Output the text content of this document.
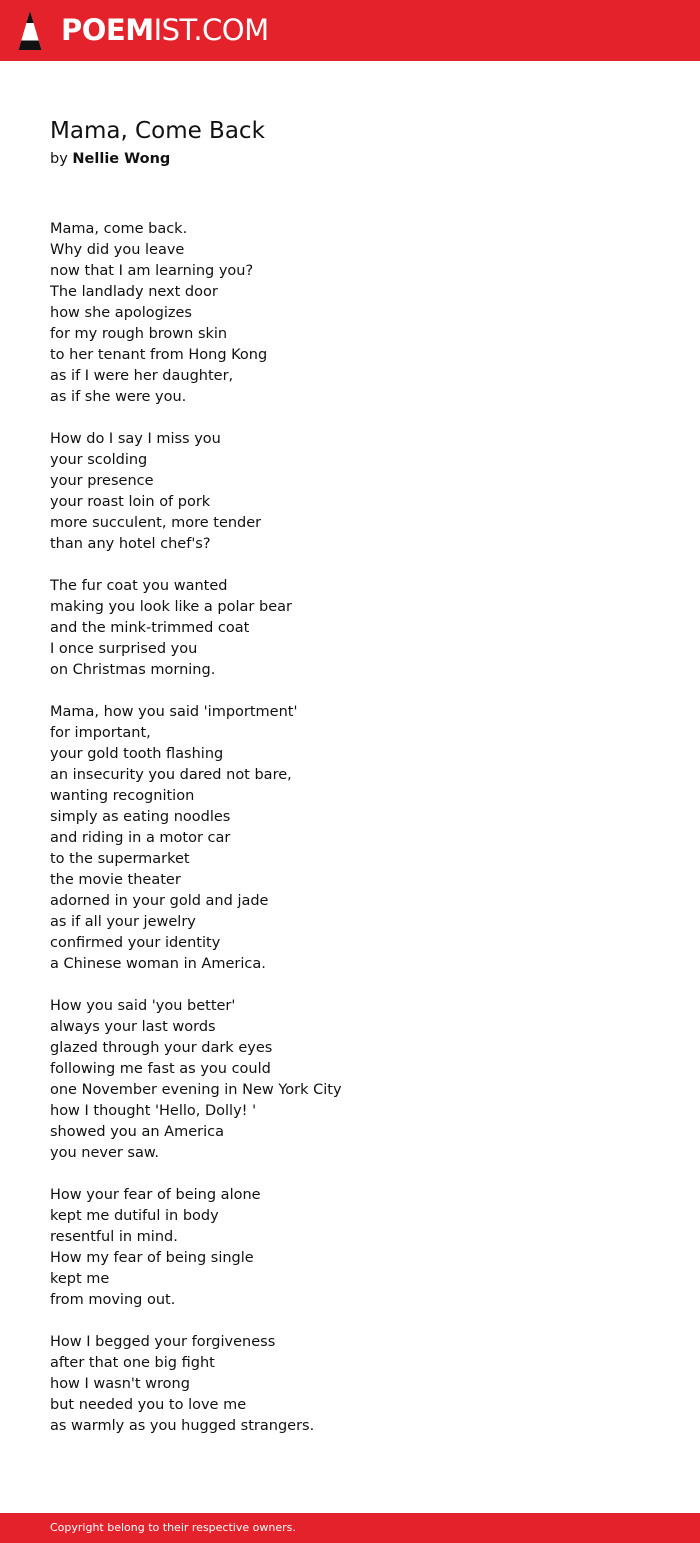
POEMIST.COM
Mama, Come Back
by Nellie Wong
Mama, come back.
Why did you leave
now that I am learning you?
The landlady next door
how she apologizes
for my rough brown skin
to her tenant from Hong Kong
as if I were her daughter,
as if she were you.
How do I say I miss you
your scolding
your presence
your roast loin of pork
more succulent, more tender
than any hotel chef's?
The fur coat you wanted
making you look like a polar bear
and the mink-trimmed coat
I once surprised you
on Christmas morning.
Mama, how you said 'importment'
for important,
your gold tooth flashing
an insecurity you dared not bare,
wanting recognition
simply as eating noodles
and riding in a motor car
to the supermarket
the movie theater
adorned in your gold and jade
as if all your jewelry
confirmed your identity
a Chinese woman in America.
How you said 'you better'
always your last words
glazed through your dark eyes
following me fast as you could
one November evening in New York City
how I thought 'Hello, Dolly! '
showed you an America
you never saw.
How your fear of being alone
kept me dutiful in body
resentful in mind.
How my fear of being single
kept me
from moving out.
How I begged your forgiveness
after that one big fight
how I wasn't wrong
but needed you to love me
as warmly as you hugged strangers.
Copyright belong to their respective owners.
